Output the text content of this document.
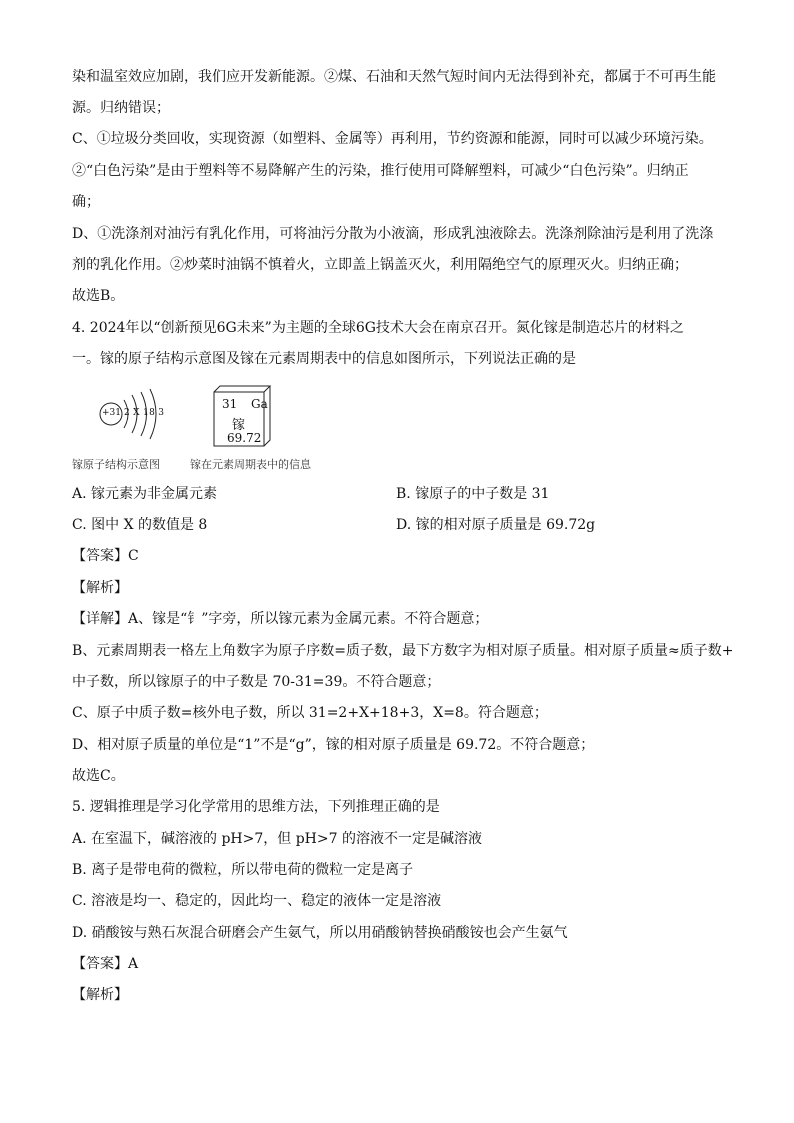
染和温室效应加剧，我们应开发新能源。②煤、石油和天然气短时间内无法得到补充，都属于不可再生能
源。归纳错误；
C、①垃圾分类回收，实现资源（如塑料、金属等）再利用，节约资源和能源，同时可以减少环境污染。
②“白色污染”是由于塑料等不易降解产生的污染，推行使用可降解塑料，可减少“白色污染”。归纳正
确；
D、①洗涤剂对油污有乳化作用，可将油污分散为小液滴，形成乳浊液除去。洗涤剂除油污是利用了洗涤
剂的乳化作用。②炒菜时油锅不慎着火，立即盖上锅盖灭火，利用隔绝空气的原理灭火。归纳正确；
故选B。
4. 2024年以“创新预见6G未来”为主题的全球6G技术大会在南京召开。氮化镓是制造芯片的材料之
一。镓的原子结构示意图及镓在元素周期表中的信息如图所示，下列说法正确的是
+31 2 X 18 3
镓原子结构示意图
31 Ga
镓
69.72
镓在元素周期表中的信息
A. 镓元素为非金属元素	B. 镓原子的中子数是 31
C. 图中 X 的数值是 8	D. 镓的相对原子质量是 69.72g
【答案】C
【解析】
【详解】A、镓是“钅”字旁，所以镓元素为金属元素。不符合题意；
B、元素周期表一格左上角数字为原子序数=质子数，最下方数字为相对原子质量。相对原子质量≈质子数+
中子数，所以镓原子的中子数是 70-31=39。不符合题意；
C、原子中质子数=核外电子数，所以 31=2+X+18+3，X=8。符合题意；
D、相对原子质量的单位是“1”不是“g”，镓的相对原子质量是 69.72。不符合题意；
故选C。
5. 逻辑推理是学习化学常用的思维方法，下列推理正确的是
A. 在室温下，碱溶液的 pH>7，但 pH>7 的溶液不一定是碱溶液
B. 离子是带电荷的微粒，所以带电荷的微粒一定是离子
C. 溶液是均一、稳定的，因此均一、稳定的液体一定是溶液
D. 硝酸铵与熟石灰混合研磨会产生氨气，所以用硝酸钠替换硝酸铵也会产生氨气
【答案】A
【解析】
